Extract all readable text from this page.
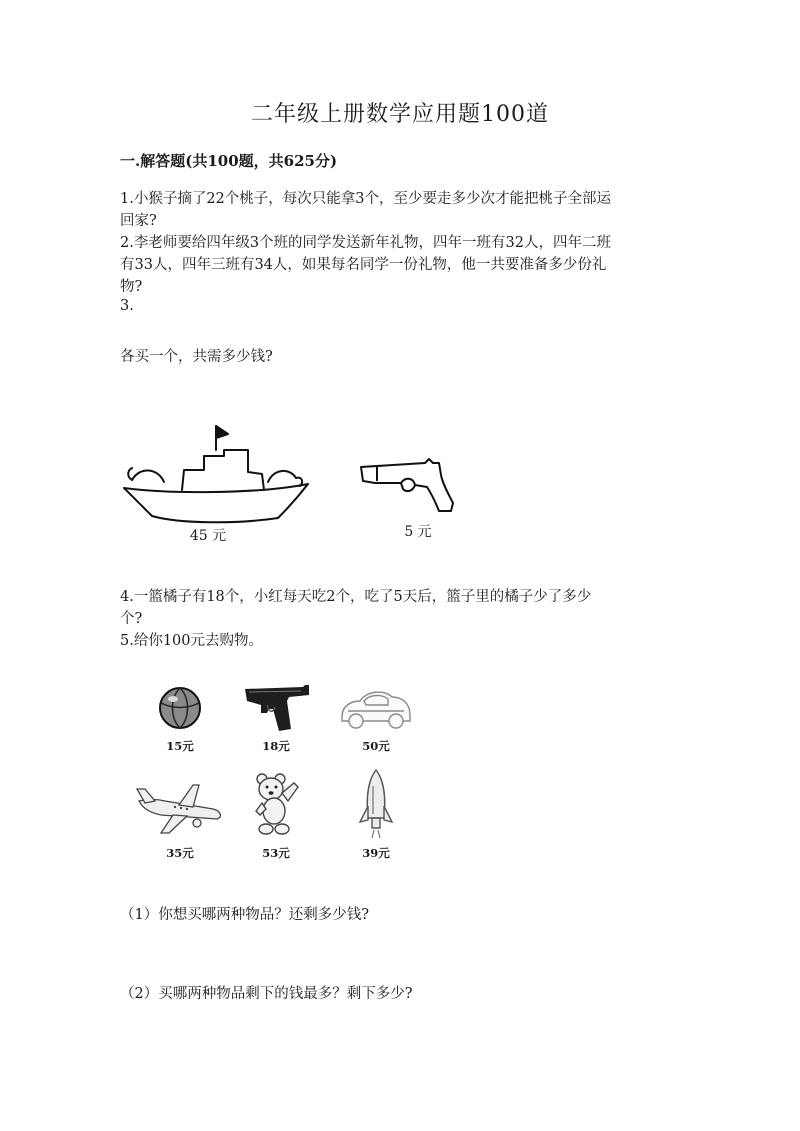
二年级上册数学应用题100道
一.解答题(共100题，共625分)
1.小猴子摘了22个桃子，每次只能拿3个，至少要走多少次才能把桃子全部运
回家?
2.李老师要给四年级3个班的同学发送新年礼物，四年一班有32人，四年二班
有33人，四年三班有34人，如果每名同学一份礼物，他一共要准备多少份礼
物?
3.
各买一个，共需多少钱?
45 元	5 元
4.一篮橘子有18个，小红每天吃2个，吃了5天后，篮子里的橘子少了多少
个?
5.给你100元去购物。
15元	18元	50元
35元	53元	39元
（1）你想买哪两种物品？还剩多少钱?
（2）买哪两种物品剩下的钱最多？剩下多少?
